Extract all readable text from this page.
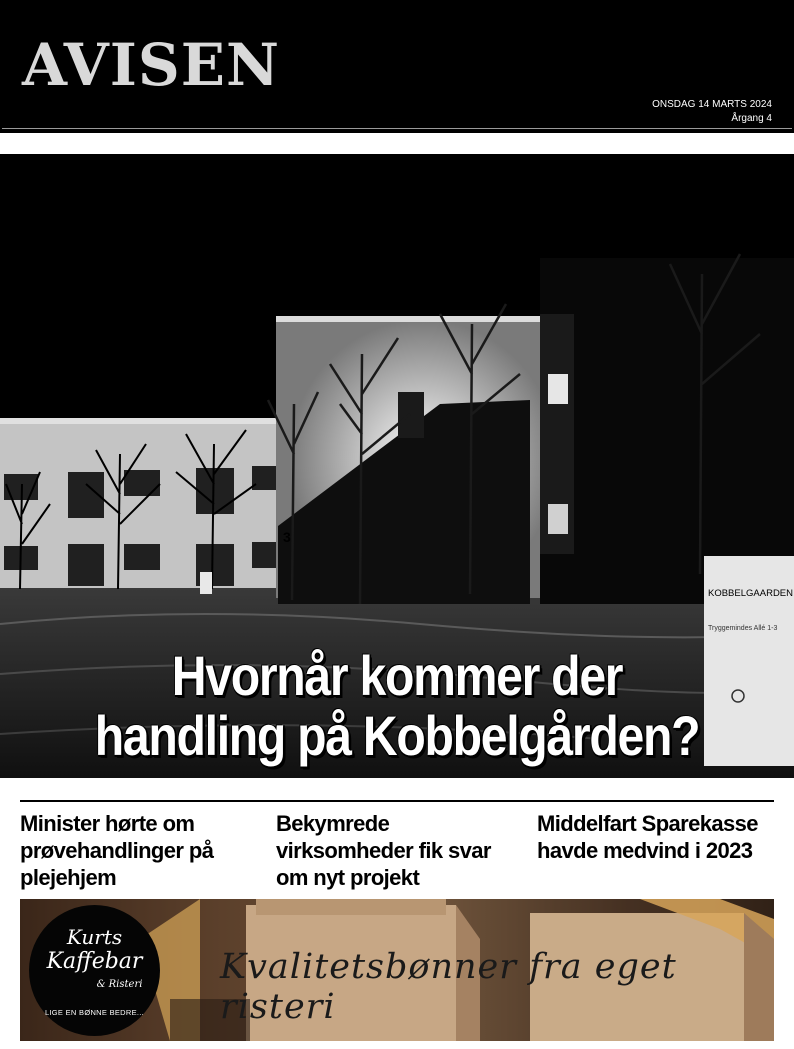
AVISEN
ONSDAG 14 MARTS 2024
Årgang 4
3
KOBBELGAARDEN
Tryggemindes Allé 1-3
Hvornår kommer der
handling på Kobbelgården?
Minister hørte om prøvehandlinger på plejehjem
Bekymrede virksomheder fik svar om nyt projekt
Middelfart Sparekasse havde medvind i 2023
Kurts
Kaffebar
& Risteri
LIGE EN BØNNE BEDRE...
Kvalitetsbønner fra eget risteri
